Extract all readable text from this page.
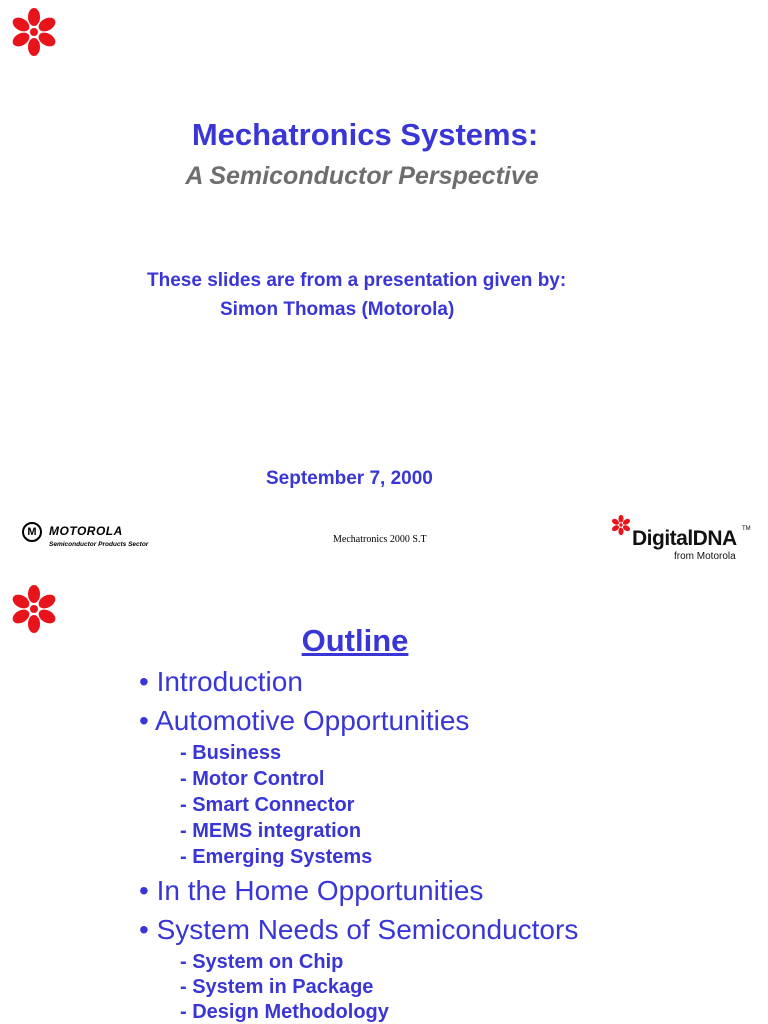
Mechatronics Systems:
A Semiconductor Perspective
These slides are from a presentation given by:
Simon Thomas (Motorola)
September 7, 2000
M	MOTOROLA
Semiconductor Products Sector	Mechatronics 2000 S.T	DigitalDNA TM
from Motorola
Outline
• Introduction
• Automotive Opportunities
- Business
- Motor Control
- Smart Connector
- MEMS integration
- Emerging Systems
• In the Home Opportunities
• System Needs of Semiconductors
- System on Chip
- System in Package
- Design Methodology
